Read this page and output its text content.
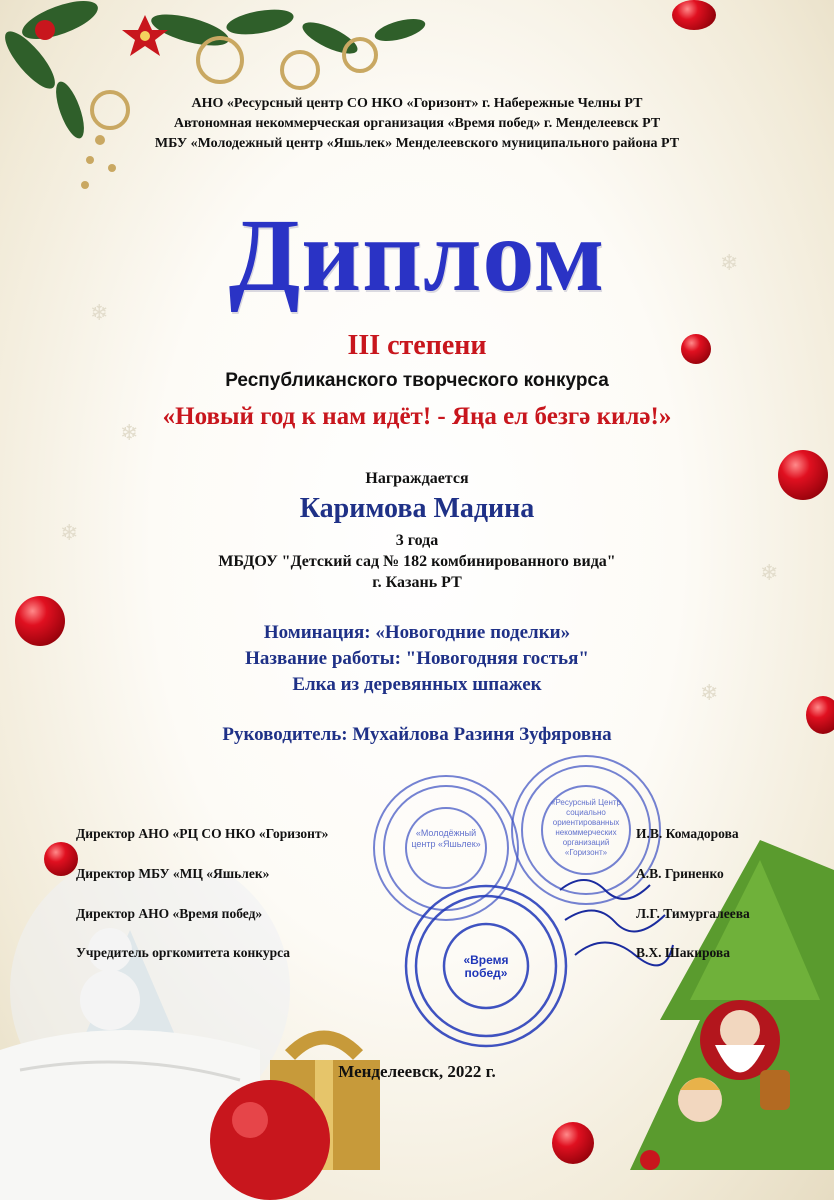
❄
❄
❄
❄
❄
❄
АНО «Ресурсный центр СО НКО «Горизонт» г. Набережные Челны РТ
Автономная некоммерческая организация «Время побед» г. Менделеевск РТ
МБУ «Молодежный центр «Яшьлек» Менделеевского муниципального района РТ
Диплом
III степени
Республиканского творческого конкурса
«Новый год к нам идёт! - Яңа ел безгә килә!»
Награждается
Каримова Мадина
3 года
МБДОУ "Детский сад № 182 комбинированного вида"
г. Казань РТ
Номинация: «Новогодние поделки»
Название работы: "Новогодняя гостья"
Елка из деревянных шпажек
Руководитель: Мухайлова Разиня Зуфяровна
«Молодёжный центр «Яшьлек»
«Ресурсный Центр социально ориентированных некоммерческих организаций «Горизонт»
«Время побед»
Директор АНО «РЦ СО НКО «Горизонт»	И.В. Комадорова
Директор МБУ «МЦ «Яшьлек»	А.В. Гриненко
Директор АНО «Время побед»	Л.Г. Тимургалеева
Учредитель оргкомитета конкурса	В.Х. Шакирова
Менделеевск, 2022 г.
